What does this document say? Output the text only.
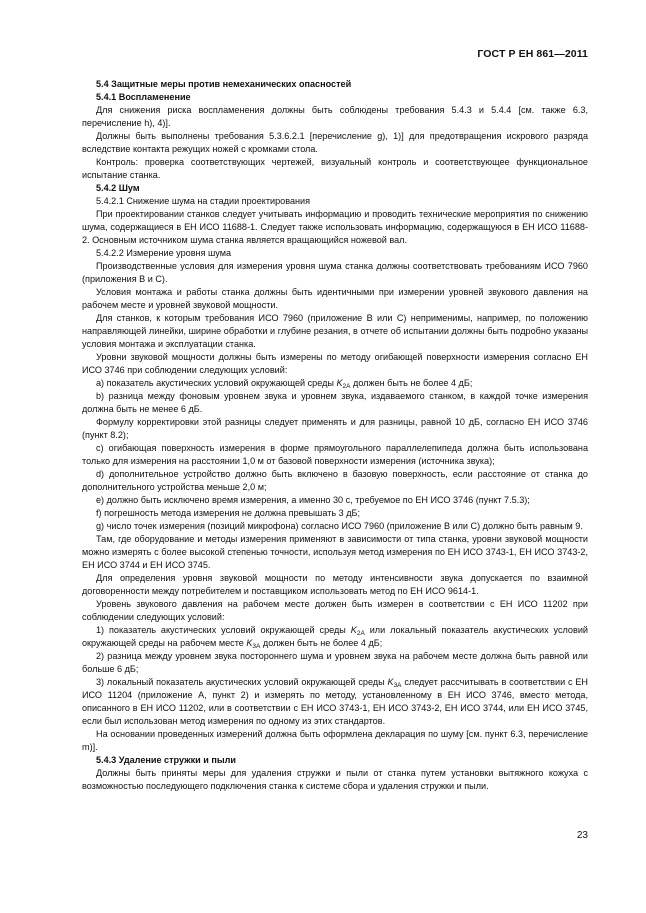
ГОСТ Р ЕН 861—2011

5.4 Защитные меры против немеханических опасностей

5.4.1 Воспламенение

Для снижения риска воспламенения должны быть соблюдены требования 5.4.3 и 5.4.4 [см. также 6.3, перечисление h), 4)].

Должны быть выполнены требования 5.3.6.2.1 [перечисление g), 1)] для предотвращения искрового разряда вследствие контакта режущих ножей с кромками стола.

Контроль: проверка соответствующих чертежей, визуальный контроль и соответствующее функциональное испытание станка.

5.4.2 Шум

5.4.2.1 Снижение шума на стадии проектирования

При проектировании станков следует учитывать информацию и проводить технические мероприятия по снижению шума, содержащиеся в ЕН ИСО 11688-1. Следует также использовать информацию, содержащуюся в ЕН ИСО 11688-2. Основным источником шума станка является вращающийся ножевой вал.

5.4.2.2 Измерение уровня шума

Производственные условия для измерения уровня шума станка должны соответствовать требованиям ИСО 7960 (приложения В и С).

Условия монтажа и работы станка должны быть идентичными при измерении уровней звукового давления на рабочем месте и уровней звуковой мощности.

Для станков, к которым требования ИСО 7960 (приложение В или С) неприменимы, например, по положению направляющей линейки, ширине обработки и глубине резания, в отчете об испытании должны быть подробно указаны условия монтажа и эксплуатации станка.

Уровни звуковой мощности должны быть измерены по методу огибающей поверхности измерения согласно ЕН ИСО 3746 при соблюдении следующих условий:

а) показатель акустических условий окружающей среды $K_{2A}$ должен быть не более 4 дБ;

b) разница между фоновым уровнем звука и уровнем звука, издаваемого станком, в каждой точке измерения должна быть не менее 6 дБ.

Формулу корректировки этой разницы следует применять и для разницы, равной 10 дБ, согласно ЕН ИСО 3746 (пункт 8.2);

с) огибающая поверхность измерения в форме прямоугольного параллелепипеда должна быть использована только для измерения на расстоянии 1,0 м от базовой поверхности измерения (источника звука);

d) дополнительное устройство должно быть включено в базовую поверхность, если расстояние от станка до дополнительного устройства меньше 2,0 м;

е) должно быть исключено время измерения, а именно 30 с, требуемое по ЕН ИСО 3746 (пункт 7.5.3);

f) погрешность метода измерения не должна превышать 3 дБ;

g) число точек измерения (позиций микрофона) согласно ИСО 7960 (приложение В или С) должно быть равным 9.

Там, где оборудование и методы измерения применяют в зависимости от типа станка, уровни звуковой мощности можно измерять с более высокой степенью точности, используя метод измерения по ЕН ИСО 3743-1, ЕН ИСО 3743-2, ЕН ИСО 3744 и ЕН ИСО 3745.

Для определения уровня звуковой мощности по методу интенсивности звука допускается по взаимной договоренности между потребителем и поставщиком использовать метод по ЕН ИСО 9614-1.

Уровень звукового давления на рабочем месте должен быть измерен в соответствии с ЕН ИСО 11202 при соблюдении следующих условий:

1) показатель акустических условий окружающей среды $K_{2A}$ или локальный показатель акустических условий окружающей среды на рабочем месте $K_{3A}$ должен быть не более 4 дБ;

2) разница между уровнем звука постороннего шума и уровнем звука на рабочем месте должна быть равной или больше 6 дБ;

3) локальный показатель акустических условий окружающей среды $K_{3A}$ следует рассчитывать в соответствии с ЕН ИСО 11204 (приложение А, пункт 2) и измерять по методу, установленному в ЕН ИСО 3746, вместо метода, описанного в ЕН ИСО 11202, или в соответствии с ЕН ИСО 3743-1, ЕН ИСО 3743-2, ЕН ИСО 3744, или ЕН ИСО 3745, если был использован метод измерения по одному из этих стандартов.

На основании проведенных измерений должна быть оформлена декларация по шуму [см. пункт 6.3, перечисление m)].

5.4.3 Удаление стружки и пыли

Должны быть приняты меры для удаления стружки и пыли от станка путем установки вытяжного кожуха с возможностью последующего подключения станка к системе сбора и удаления стружки и пыли.

23
